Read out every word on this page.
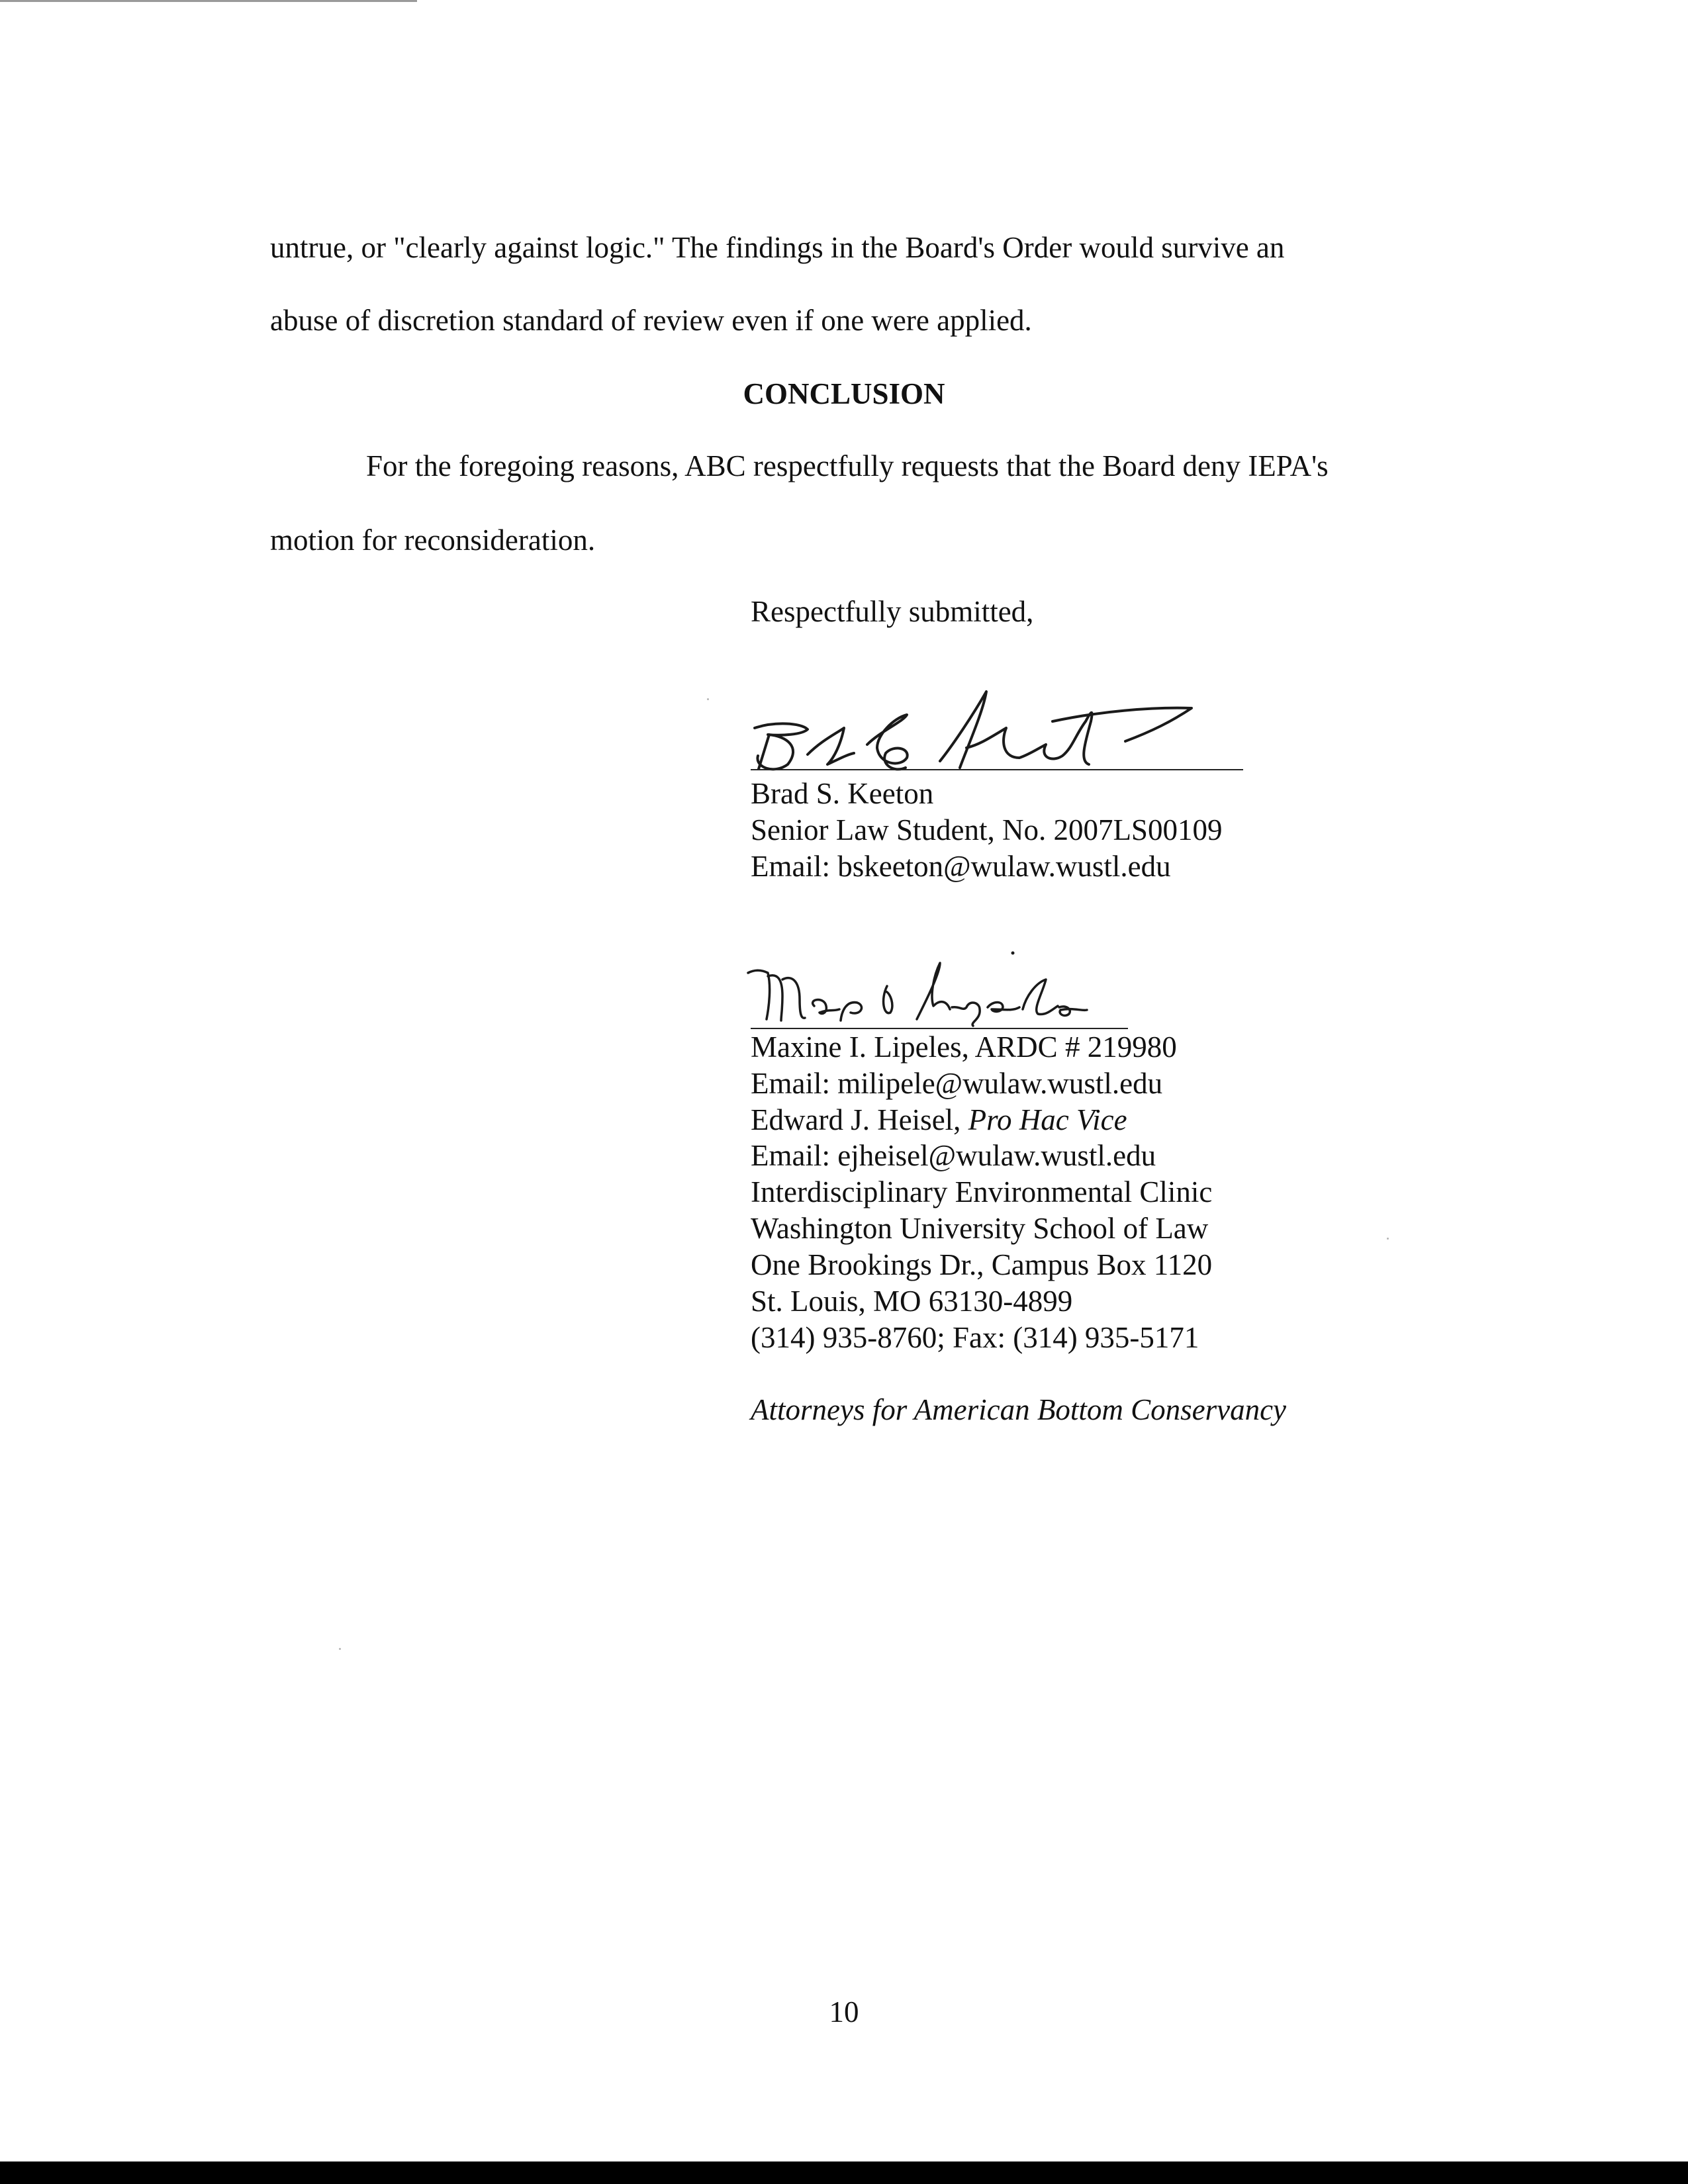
untrue, or "clearly against logic." The findings in the Board's Order would survive an
abuse of discretion standard of review even if one were applied.
CONCLUSION
For the foregoing reasons, ABC respectfully requests that the Board deny IEPA's
motion for reconsideration.
Respectfully submitted,
Brad S. Keeton
Senior Law Student, No. 2007LS00109
Email: bskeeton@wulaw.wustl.edu
Maxine I. Lipeles, ARDC # 219980
Email: milipele@wulaw.wustl.edu
Edward J. Heisel, Pro Hac Vice
Email: ejheisel@wulaw.wustl.edu
Interdisciplinary Environmental Clinic
Washington University School of Law
One Brookings Dr., Campus Box 1120
St. Louis, MO 63130-4899
(314) 935-8760; Fax: (314) 935-5171
Attorneys for American Bottom Conservancy
10
